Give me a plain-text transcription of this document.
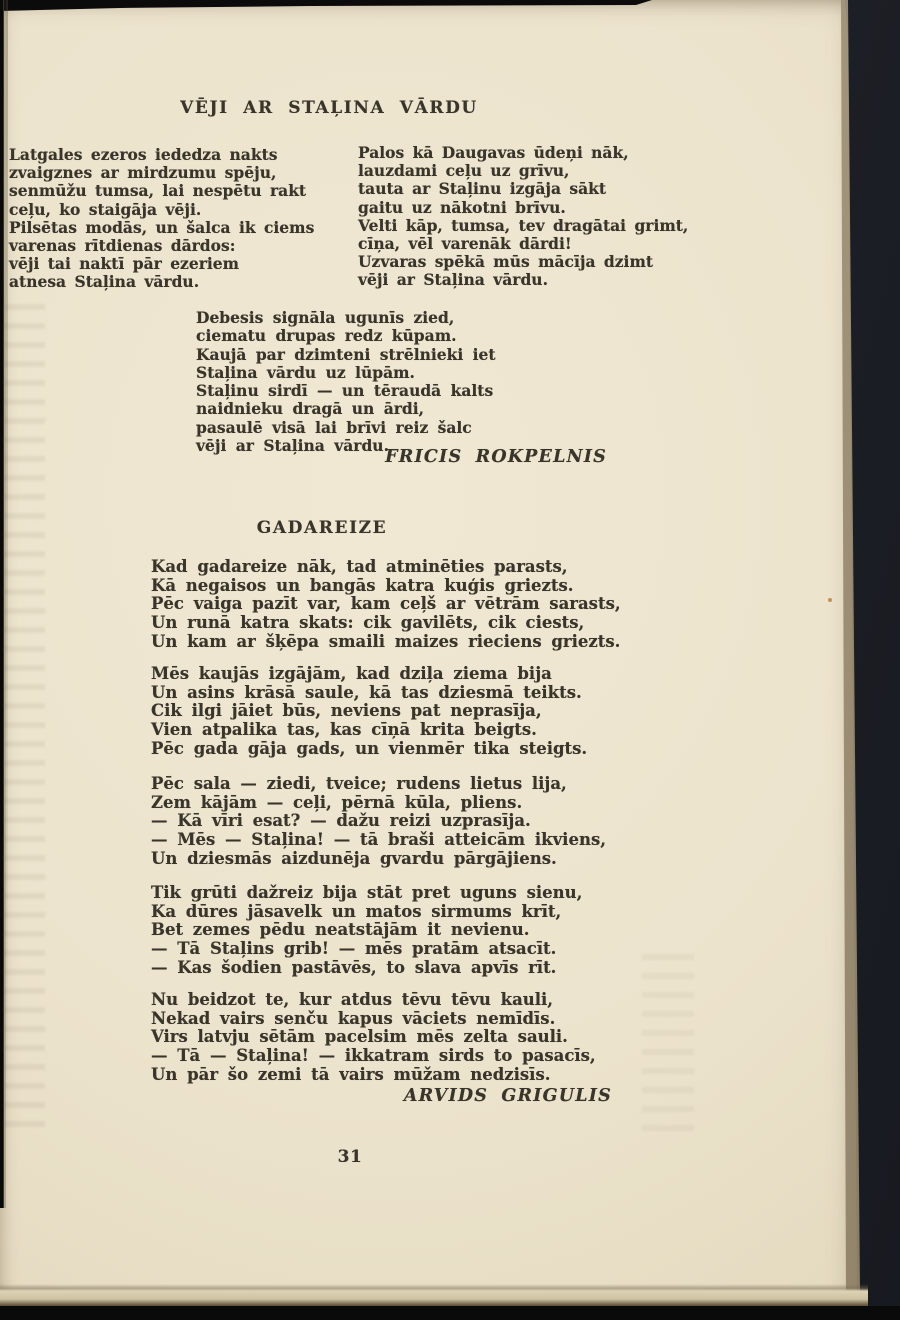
VĒJI AR STAĻINA VĀRDU
Latgales ezeros iededza nakts
zvaigznes ar mirdzumu spēju,
senmūžu tumsa, lai nespētu rakt
ceļu, ko staigāja vēji.
Pilsētas modās, un šalca ik ciems
varenas rītdienas dārdos:
vēji tai naktī pār ezeriem
atnesa Staļina vārdu.
Palos kā Daugavas ūdeņi nāk,
lauzdami ceļu uz grīvu,
tauta ar Staļinu izgāja sākt
gaitu uz nākotni brīvu.
Velti kāp, tumsa, tev dragātai grimt,
cīņa, vēl varenāk dārdi!
Uzvaras spēkā mūs mācīja dzimt
vēji ar Staļina vārdu.
Debesis signāla ugunīs zied,
ciematu drupas redz kūpam.
Kaujā par dzimteni strēlnieki iet
Staļina vārdu uz lūpām.
Staļinu sirdī — un tēraudā kalts
naidnieku dragā un ārdi,
pasaulē visā lai brīvi reiz šalc
vēji ar Staļina vārdu.
FRICIS ROKPELNIS
GADAREIZE
Kad gadareize nāk, tad atminēties parasts,
Kā negaisos un bangās katra kuģis griezts.
Pēc vaiga pazīt var, kam ceļš ar vētrām sarasts,
Un runā katra skats: cik gavilēts, cik ciests,
Un kam ar šķēpa smaili maizes rieciens griezts.
Mēs kaujās izgājām, kad dziļa ziema bija
Un asins krāsā saule, kā tas dziesmā teikts.
Cik ilgi jāiet būs, neviens pat neprasīja,
Vien atpalika tas, kas cīņā krita beigts.
Pēc gada gāja gads, un vienmēr tika steigts.
Pēc sala — ziedi, tveice; rudens lietus lija,
Zem kājām — ceļi, pērnā kūla, pliens.
— Kā vīri esat? — dažu reizi uzprasīja.
— Mēs — Staļina! — tā braši atteicām ikviens,
Un dziesmās aizdunēja gvardu pārgājiens.
Tik grūti dažreiz bija stāt pret uguns sienu,
Ka dūres jāsavelk un matos sirmums krīt,
Bet zemes pēdu neatstājām it nevienu.
— Tā Staļins grib! — mēs pratām atsacīt.
— Kas šodien pastāvēs, to slava apvīs rīt.
Nu beidzot te, kur atdus tēvu tēvu kauli,
Nekad vairs senču kapus vāciets nemīdīs.
Virs latvju sētām pacelsim mēs zelta sauli.
— Tā — Staļina! — ikkatram sirds to pasacīs,
Un pār šo zemi tā vairs mūžam nedzisīs.
ARVIDS GRIGULIS
31
